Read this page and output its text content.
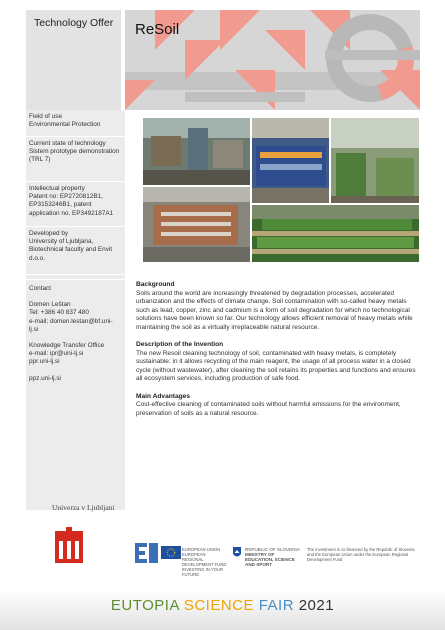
Technology Offer	ReSoil
Field of use
Environmental Protection
Current state of technology
Sistem prototype demonstration (TRL 7)
Intellectual property
Patent no: EP2720812B1, EP3153246B1, patent application no. EP3492187A1
Developed by
University of Ljubljana, Biotechnical faculty and Envit d.o.o.
Contact
Domen Leštan
Tel: +386 40 837 480
e-mail; domen.lestan@bf.uni-lj.si
Knowledge Transfer Office
e-mail: ipr@uni-lj.si
ppr.uni-lj.si
ppz.uni-lj.si
Background

Soils around the world are increasingly threatened by degradation processes, accelerated urbanization and the effects of climate change. Soil contamination with so-called heavy metals such as lead, copper, zinc and cadmium is a form of soil degradation for which no technological solutions have been known so far. Our technology allows efficient removal of heavy metals while maintaining the soil as a virtually irreplaceable natural resource.

Description of the Invention

The new Resoil cleaning technology of soil, contaminated with heavy metals, is completely sustainable: in it allows recycling of the main reagent, the usage of all process water in a closed cycle (without wastewater), after cleaning the soil retains its properties and functions and ensures all ecosystem services, including production of safe food.

Main Advantages

Cost-effective cleaning of contaminated soils without harmful emissions for the environment, preservation of soils as a natural resource.

Univerza v Ljubljani
EUROPEAN UNION
EUROPEAN REGIONAL DEVELOPMENT FUND
INVESTING IN YOUR FUTURE
REPUBLIC OF SLOVENIA
MINISTRY OF EDUCATION, SCIENCE AND SPORT
The investment is co-financed by the Republic of Slovenia and the European Union under the European Regional Development Fund
EUTOPIA SCIENCE FAIR 2021
